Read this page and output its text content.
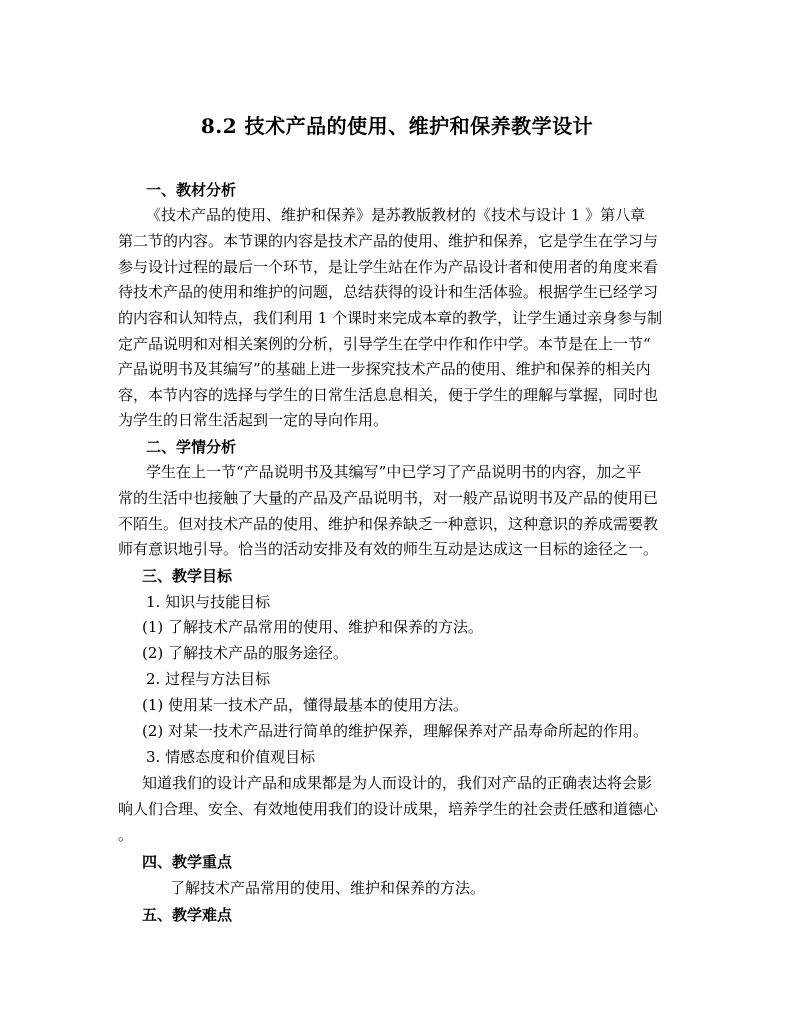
8.2 技术产品的使用、维护和保养教学设计
一、教材分析
《技术产品的使用、维护和保养》是苏教版教材的《技术与设计 1 》第八章
第二节的内容。本节课的内容是技术产品的使用、维护和保养，它是学生在学习与
参与设计过程的最后一个环节，是让学生站在作为产品设计者和使用者的角度来看
待技术产品的使用和维护的问题，总结获得的设计和生活体验。根据学生已经学习
的内容和认知特点，我们利用 1 个课时来完成本章的教学，让学生通过亲身参与制
定产品说明和对相关案例的分析，引导学生在学中作和作中学。本节是在上一节“
产品说明书及其编写”的基础上进一步探究技术产品的使用、维护和保养的相关内
容，本节内容的选择与学生的日常生活息息相关，便于学生的理解与掌握，同时也
为学生的日常生活起到一定的导向作用。
二、学情分析
学生在上一节“产品说明书及其编写”中已学习了产品说明书的内容，加之平
常的生活中也接触了大量的产品及产品说明书，对一般产品说明书及产品的使用已
不陌生。但对技术产品的使用、维护和保养缺乏一种意识，这种意识的养成需要教
师有意识地引导。恰当的活动安排及有效的师生互动是达成这一目标的途径之一。
三、教学目标
1. 知识与技能目标
(1) 了解技术产品常用的使用、维护和保养的方法。
(2) 了解技术产品的服务途径。
2. 过程与方法目标
(1) 使用某一技术产品，懂得最基本的使用方法。
(2) 对某一技术产品进行简单的维护保养，理解保养对产品寿命所起的作用。
3. 情感态度和价值观目标
知道我们的设计产品和成果都是为人而设计的，我们对产品的正确表达将会影
响人们合理、安全、有效地使用我们的设计成果，培养学生的社会责任感和道德心
。
四、教学重点
了解技术产品常用的使用、维护和保养的方法。
五、教学难点
